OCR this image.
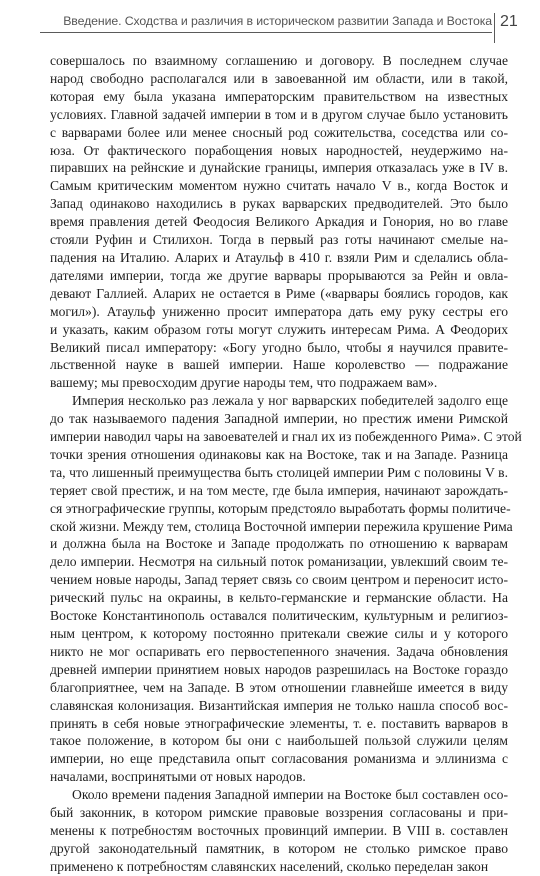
Введение. Сходства и различия в историческом развитии Запада и Востока 21
совершалось по взаимному соглашению и договору. В последнем случае
народ свободно располагался или в завоеванной им области, или в такой,
которая ему была указана императорским правительством на известных
условиях. Главной задачей империи в том и в другом случае было установить
с варварами более или менее сносный род сожительства, соседства или со-
юза. От фактического порабощения новых народностей, неудержимо на-
пиравших на рейнские и дунайские границы, империя отказалась уже в IV в.
Самым критическим моментом нужно считать начало V в., когда Восток и
Запад одинаково находились в руках варварских предводителей. Это было
время правления детей Феодосия Великого Аркадия и Гонория, но во главе
стояли Руфин и Стилихон. Тогда в первый раз готы начинают смелые на-
падения на Италию. Аларих и Атаульф в 410 г. взяли Рим и сделались обла-
дателями империи, тогда же другие варвары прорываются за Рейн и овла-
девают Галлией. Аларих не остается в Риме («варвары боялись городов, как
могил»). Атаульф униженно просит императора дать ему руку сестры его
и указать, каким образом готы могут служить интересам Рима. А Феодорих
Великий писал императору: «Богу угодно было, чтобы я научился правите-
льственной науке в вашей империи. Наше королевство — подражание
вашему; мы превосходим другие народы тем, что подражаем вам».
Империя несколько раз лежала у ног варварских победителей задолго еще
до так называемого падения Западной империи, но престиж имени Римской
империи наводил чары на завоевателей и гнал их из побежденного Рима». С этой
точки зрения отношения одинаковы как на Востоке, так и на Западе. Разница
та, что лишенный преимущества быть столицей империи Рим с половины V в.
теряет свой престиж, и на том месте, где была империя, начинают зарождать-
ся этнографические группы, которым предстояло выработать формы политиче-
ской жизни. Между тем, столица Восточной империи пережила крушение Рима
и должна была на Востоке и Западе продолжать по отношению к варварам
дело империи. Несмотря на сильный поток романизации, увлекший своим те-
чением новые народы, Запад теряет связь со своим центром и переносит исто-
рический пульс на окраины, в кельто-германские и германские области. На
Востоке Константинополь оставался политическим, культурным и религиоз-
ным центром, к которому постоянно притекали свежие силы и у которого
никто не мог оспаривать его первостепенного значения. Задача обновления
древней империи принятием новых народов разрешилась на Востоке гораздо
благоприятнее, чем на Западе. В этом отношении главнейше имеется в виду
славянская колонизация. Византийская империя не только нашла способ вос-
принять в себя новые этнографические элементы, т. е. поставить варваров в
такое положение, в котором бы они с наибольшей пользой служили целям
империи, но еще представила опыт согласования романизма и эллинизма с
началами, воспринятыми от новых народов.
Около времени падения Западной империи на Востоке был составлен осо-
бый законник, в котором римские правовые воззрения согласованы и при-
менены к потребностям восточных провинций империи. В VIII в. составлен
другой законодательный памятник, в котором не столько римское право
применено к потребностям славянских населений, сколько переделан закон
